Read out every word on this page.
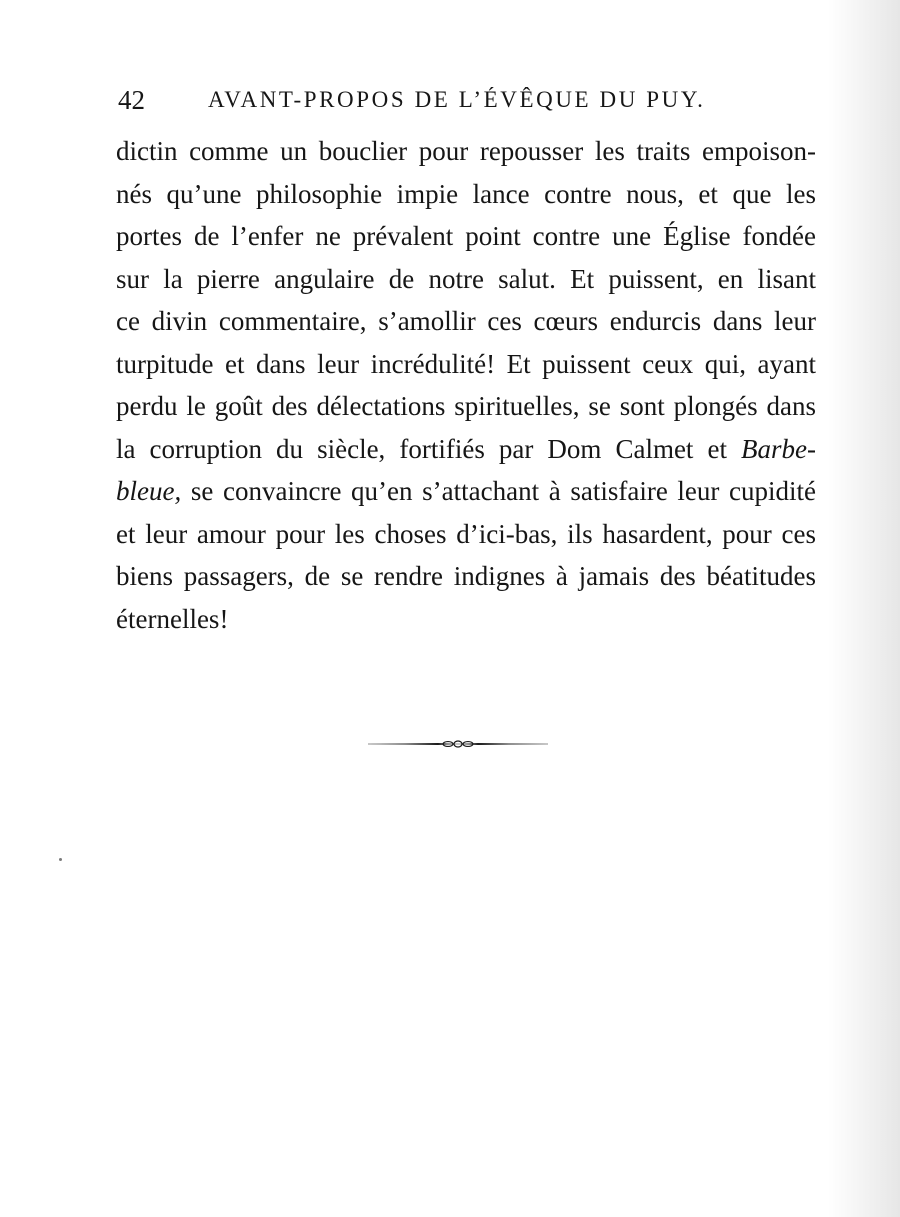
42	AVANT-PROPOS DE L’ÉVÊQUE DU PUY.
dictin comme un bouclier pour repousser les traits empoison-
nés qu’une philosophie impie lance contre nous, et que les
portes de l’enfer ne prévalent point contre une Église fondée
sur la pierre angulaire de notre salut. Et puissent, en lisant
ce divin commentaire, s’amollir ces cœurs endurcis dans leur
turpitude et dans leur incrédulité! Et puissent ceux qui, ayant
perdu le goût des délectations spirituelles, se sont plongés dans
la corruption du siècle, fortifiés par Dom Calmet et Barbe-
bleue, se convaincre qu’en s’attachant à satisfaire leur cupidité
et leur amour pour les choses d’ici-bas, ils hasardent, pour ces
biens passagers, de se rendre indignes à jamais des béatitudes
éternelles!
